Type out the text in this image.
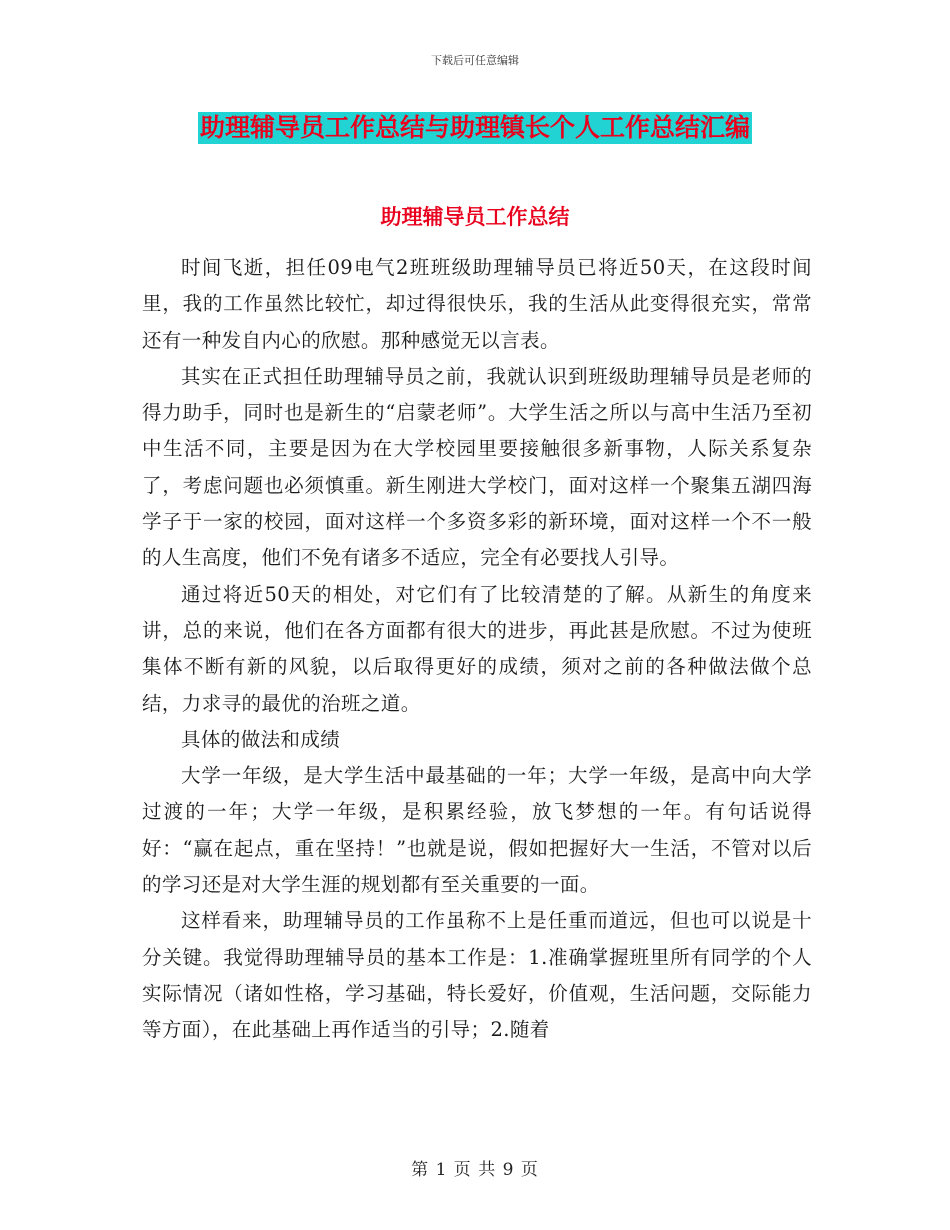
下载后可任意编辑
助理辅导员工作总结与助理镇长个人工作总结汇编
助理辅导员工作总结

时间飞逝，担任09电气2班班级助理辅导员已将近50天，在这段时间里，我的工作虽然比较忙，却过得很快乐，我的生活从此变得很充实，常常还有一种发自内心的欣慰。那种感觉无以言表。

其实在正式担任助理辅导员之前，我就认识到班级助理辅导员是老师的得力助手，同时也是新生的“启蒙老师”。大学生活之所以与高中生活乃至初中生活不同，主要是因为在大学校园里要接触很多新事物，人际关系复杂了，考虑问题也必须慎重。新生刚进大学校门，面对这样一个聚集五湖四海学子于一家的校园，面对这样一个多资多彩的新环境，面对这样一个不一般的人生高度，他们不免有诸多不适应，完全有必要找人引导。

通过将近50天的相处，对它们有了比较清楚的了解。从新生的角度来讲，总的来说，他们在各方面都有很大的进步，再此甚是欣慰。不过为使班集体不断有新的风貌，以后取得更好的成绩，须对之前的各种做法做个总结，力求寻的最优的治班之道。

具体的做法和成绩

大学一年级，是大学生活中最基础的一年；大学一年级，是高中向大学过渡的一年；大学一年级，是积累经验，放飞梦想的一年。有句话说得好：“赢在起点，重在坚持！”也就是说，假如把握好大一生活，不管对以后的学习还是对大学生涯的规划都有至关重要的一面。

这样看来，助理辅导员的工作虽称不上是任重而道远，但也可以说是十分关键。我觉得助理辅导员的基本工作是：1.准确掌握班里所有同学的个人实际情况（诸如性格，学习基础，特长爱好，价值观，生活问题，交际能力等方面），在此基础上再作适当的引导；2.随着

第 1 页 共 9 页
